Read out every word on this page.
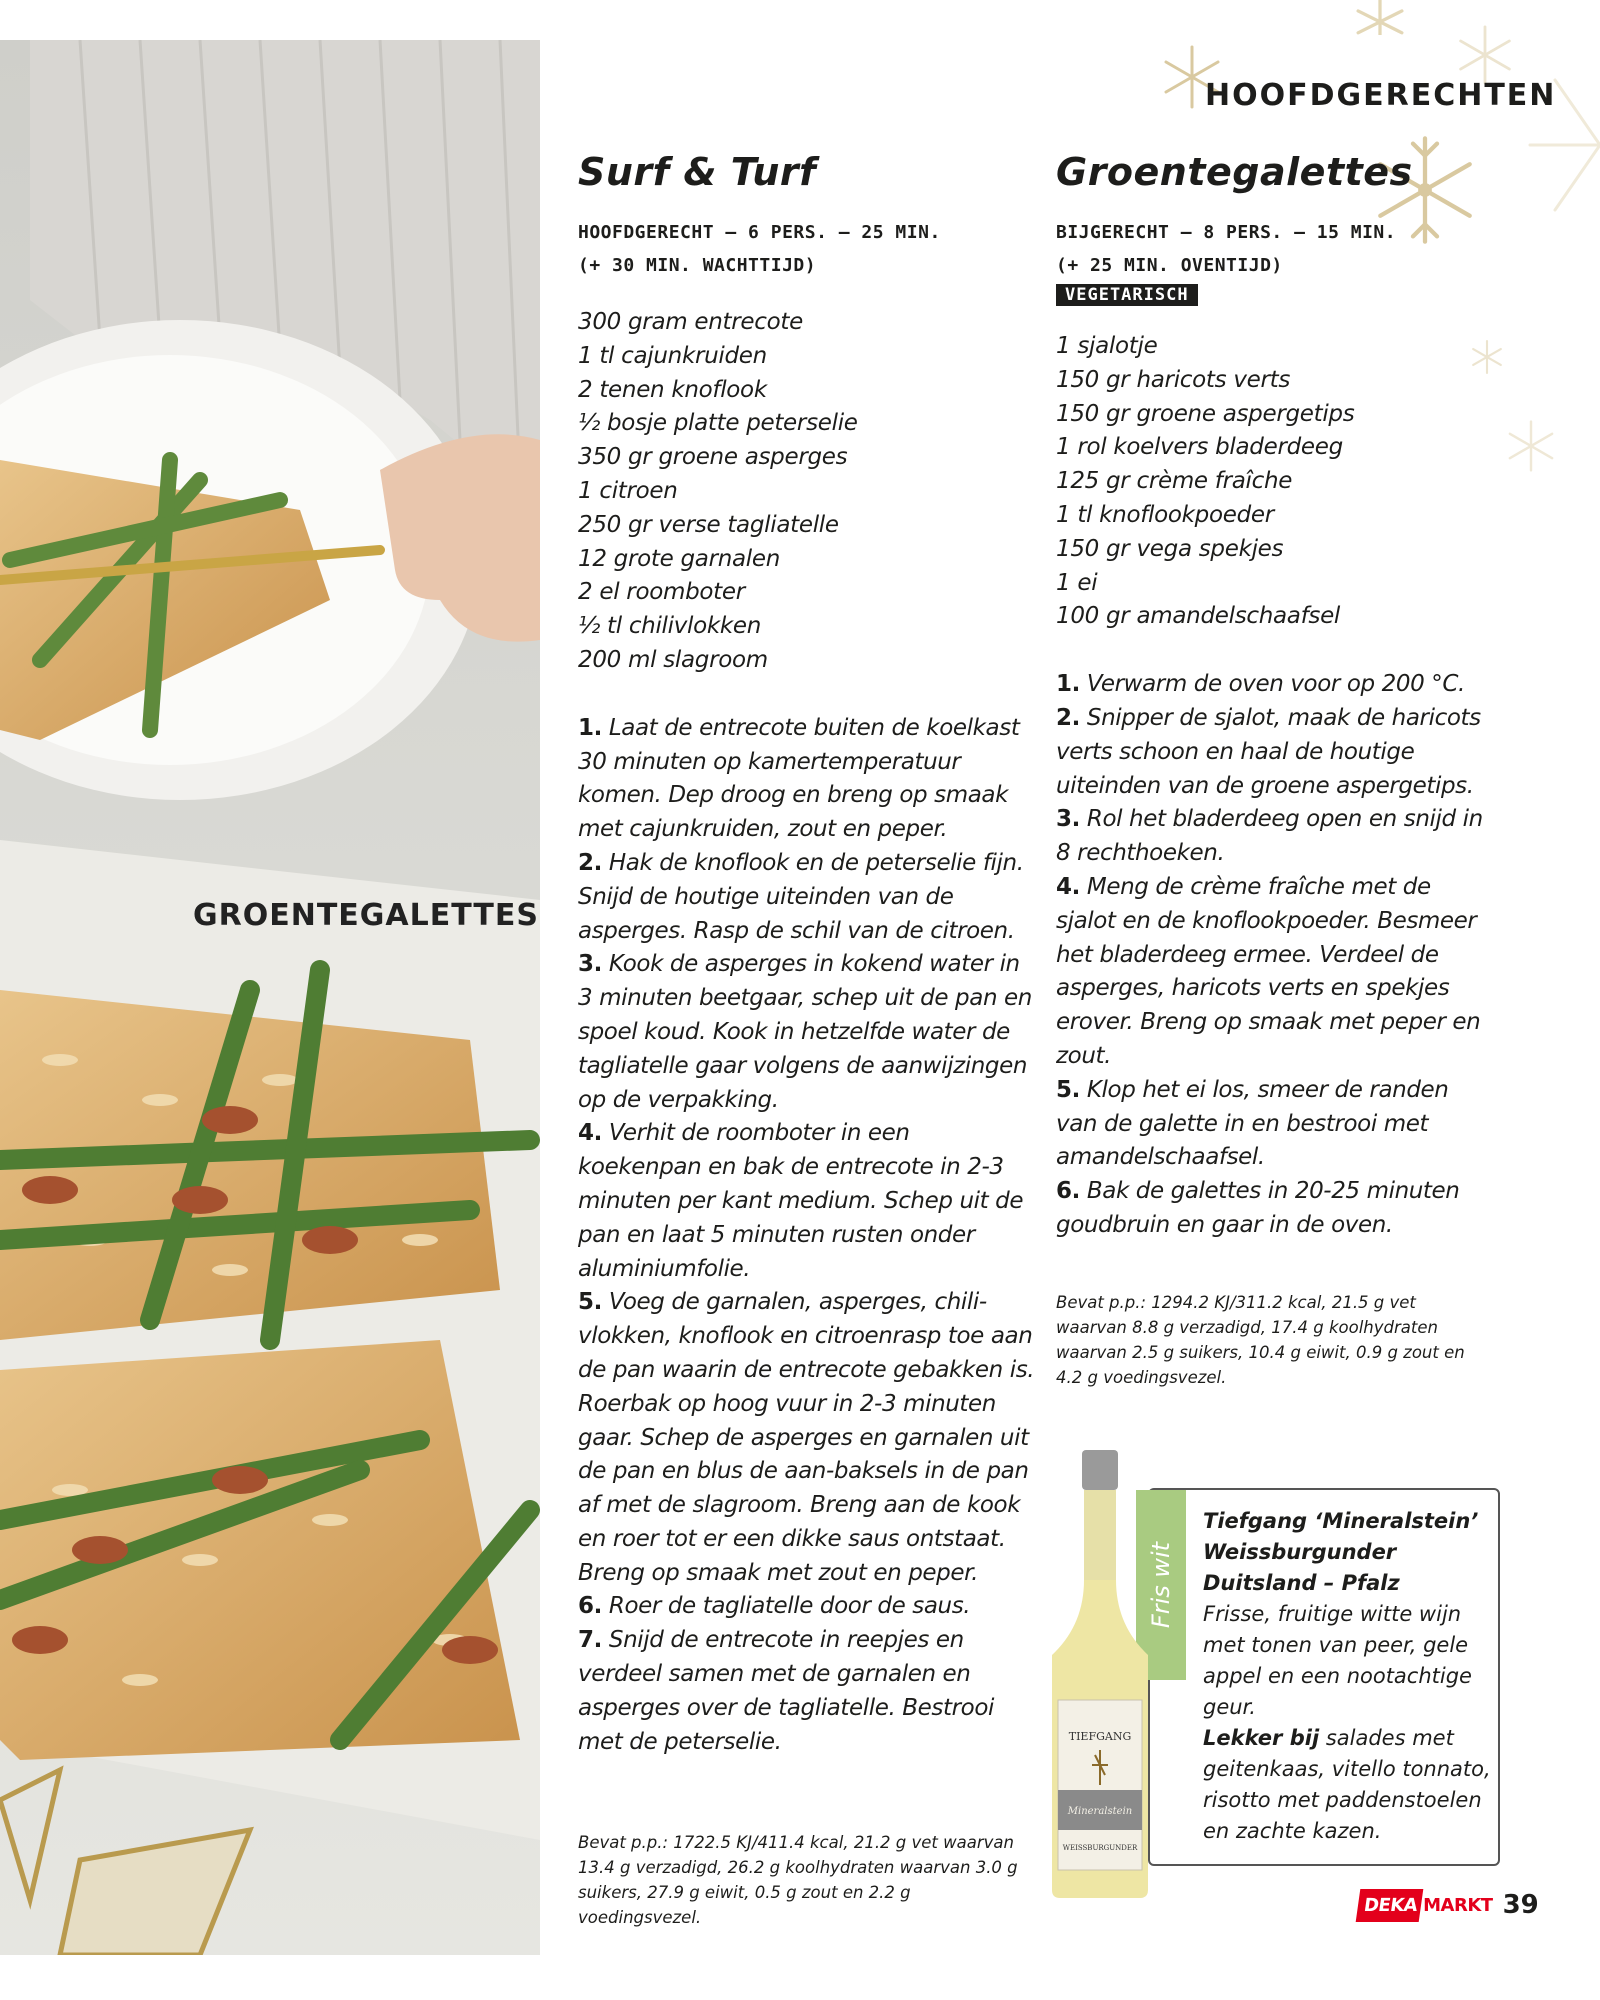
GROENTEGALETTES
HOOFDGERECHTEN
Surf & Turf
HOOFDGERECHT – 6 PERS. – 25 MIN.
(+ 30 MIN. WACHTTIJD)
300 gram entrecote
1 tl cajunkruiden
2 tenen knoflook
½ bosje platte peterselie
350 gr groene asperges
1 citroen
250 gr verse tagliatelle
12 grote garnalen
2 el roomboter
½ tl chilivlokken
200 ml slagroom
1. Laat de entrecote buiten de koelkast 30 minuten op kamertemperatuur komen. Dep droog en breng op smaak met cajunkruiden, zout en peper.
2. Hak de knoflook en de peterselie fijn. Snijd de houtige uiteinden van de asperges. Rasp de schil van de citroen.
3. Kook de asperges in kokend water in 3 minuten beetgaar, schep uit de pan en spoel koud. Kook in hetzelfde water de tagliatelle gaar volgens de aanwijzingen op de verpakking.
4. Verhit de roomboter in een koekenpan en bak de entrecote in 2-3 minuten per kant medium. Schep uit de pan en laat 5 minuten rusten onder aluminiumfolie.
5. Voeg de garnalen, asperges, chili-vlokken, knoflook en citroenrasp toe aan de pan waarin de entrecote gebakken is. Roerbak op hoog vuur in 2-3 minuten gaar. Schep de asperges en garnalen uit de pan en blus de aan-baksels in de pan af met de slagroom. Breng aan de kook en roer tot er een dikke saus ontstaat. Breng op smaak met zout en peper.
6. Roer de tagliatelle door de saus.
7. Snijd de entrecote in reepjes en verdeel samen met de garnalen en asperges over de tagliatelle. Bestrooi met de peterselie.
Bevat p.p.: 1722.5 KJ/411.4 kcal, 21.2 g vet waarvan 13.4 g verzadigd, 26.2 g koolhydraten waarvan 3.0 g suikers, 27.9 g eiwit, 0.5 g zout en 2.2 g voedingsvezel.
Groentegalettes
BIJGERECHT – 8 PERS. – 15 MIN.
(+ 25 MIN. OVENTIJD)
VEGETARISCH
1 sjalotje
150 gr haricots verts
150 gr groene aspergetips
1 rol koelvers bladerdeeg
125 gr crème fraîche
1 tl knoflookpoeder
150 gr vega spekjes
1 ei
100 gr amandelschaafsel
1. Verwarm de oven voor op 200 °C.
2. Snipper de sjalot, maak de haricots verts schoon en haal de houtige uiteinden van de groene aspergetips.
3. Rol het bladerdeeg open en snijd in 8 rechthoeken.
4. Meng de crème fraîche met de sjalot en de knoflookpoeder. Besmeer het bladerdeeg ermee. Verdeel de asperges, haricots verts en spekjes erover. Breng op smaak met peper en zout.
5. Klop het ei los, smeer de randen van de galette in en bestrooi met amandelschaafsel.
6. Bak de galettes in 20-25 minuten goudbruin en gaar in de oven.
Bevat p.p.: 1294.2 KJ/311.2 kcal, 21.5 g vet waarvan 8.8 g verzadigd, 17.4 g koolhydraten waarvan 2.5 g suikers, 10.4 g eiwit, 0.9 g zout en 4.2 g voedingsvezel.
Fris wit
TIEFGANG
Mineralstein
WEISSBURGUNDER
Tiefgang ‘Mineralstein’
Weissburgunder
Duitsland – Pfalz
Frisse, fruitige witte wijn met tonen van peer, gele appel en een nootachtige geur.
Lekker bij salades met geitenkaas, vitello tonnato, risotto met paddenstoelen en zachte kazen.
DEKA MARKT 39
